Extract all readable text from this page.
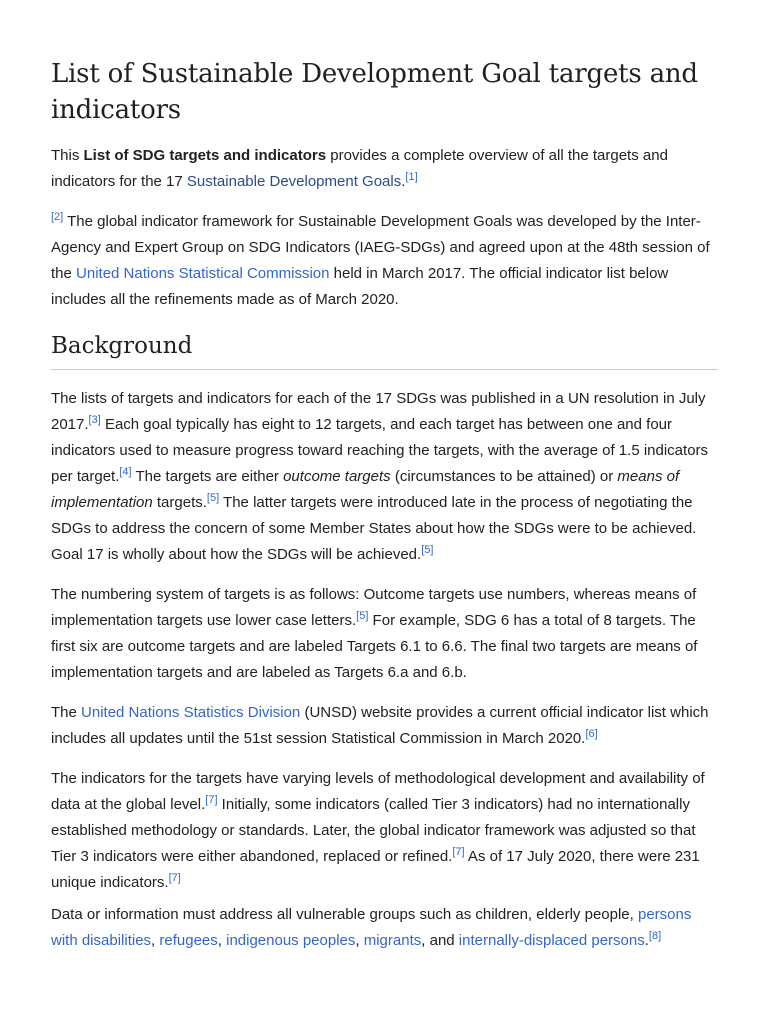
List of Sustainable Development Goal targets and indicators

This List of SDG targets and indicators provides a complete overview of all the targets and indicators for the 17 Sustainable Development Goals.[1]

[2] The global indicator framework for Sustainable Development Goals was developed by the Inter-Agency and Expert Group on SDG Indicators (IAEG-SDGs) and agreed upon at the 48th session of the United Nations Statistical Commission held in March 2017. The official indicator list below includes all the refinements made as of March 2020.

Background

The lists of targets and indicators for each of the 17 SDGs was published in a UN resolution in July 2017.[3] Each goal typically has eight to 12 targets, and each target has between one and four indicators used to measure progress toward reaching the targets, with the average of 1.5 indicators per target.[4] The targets are either outcome targets (circumstances to be attained) or means of implementation targets.[5] The latter targets were introduced late in the process of negotiating the SDGs to address the concern of some Member States about how the SDGs were to be achieved. Goal 17 is wholly about how the SDGs will be achieved.[5]

The numbering system of targets is as follows: Outcome targets use numbers, whereas means of implementation targets use lower case letters.[5] For example, SDG 6 has a total of 8 targets. The first six are outcome targets and are labeled Targets 6.1 to 6.6. The final two targets are means of implementation targets and are labeled as Targets 6.a and 6.b.

The United Nations Statistics Division (UNSD) website provides a current official indicator list which includes all updates until the 51st session Statistical Commission in March 2020.[6]

The indicators for the targets have varying levels of methodological development and availability of data at the global level.[7] Initially, some indicators (called Tier 3 indicators) had no internationally established methodology or standards. Later, the global indicator framework was adjusted so that Tier 3 indicators were either abandoned, replaced or refined.[7] As of 17 July 2020, there were 231 unique indicators.[7]

Data or information must address all vulnerable groups such as children, elderly people, persons with disabilities, refugees, indigenous peoples, migrants, and internally-displaced persons.[8]
